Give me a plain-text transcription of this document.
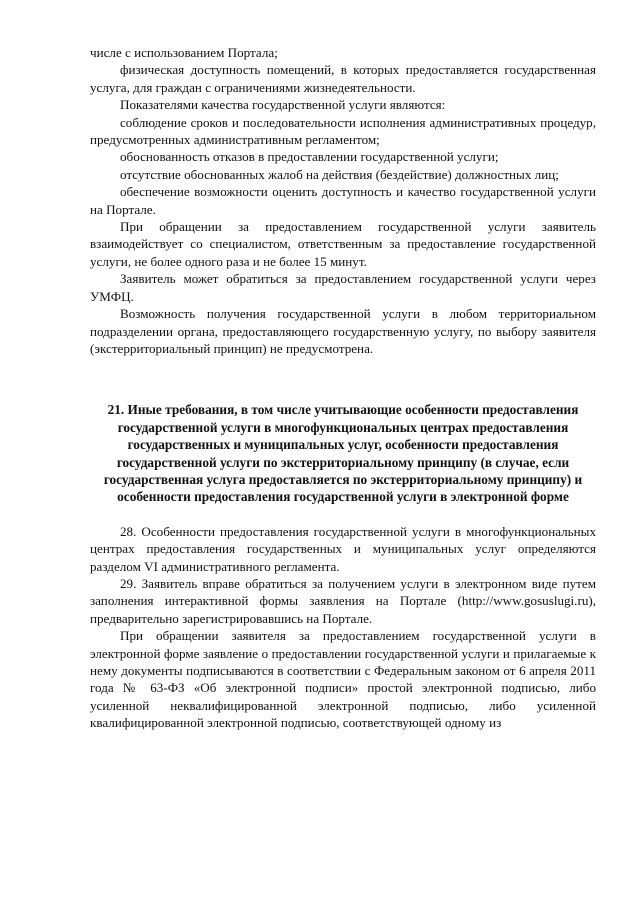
числе с использованием Портала;

физическая доступность помещений, в которых предоставляется государственная услуга, для граждан с ограничениями жизнедеятельности.

Показателями качества государственной услуги являются:

соблюдение сроков и последовательности исполнения административных процедур, предусмотренных административным регламентом;

обоснованность отказов в предоставлении государственной услуги;

отсутствие обоснованных жалоб на действия (бездействие) должностных лиц;

обеспечение возможности оценить доступность и качество государственной услуги на Портале.

При обращении за предоставлением государственной услуги заявитель взаимодействует со специалистом, ответственным за предоставление государственной услуги, не более одного раза и не более 15 минут.

Заявитель может обратиться за предоставлением государственной услуги через УМФЦ.

Возможность получения государственной услуги в любом территориальном подразделении органа, предоставляющего государственную услугу, по выбору заявителя (экстерриториальный принцип) не предусмотрена.

21. Иные требования, в том числе учитывающие особенности предоставления государственной услуги в многофункциональных центрах предоставления государственных и муниципальных услуг, особенности предоставления государственной услуги по экстерриториальному принципу (в случае, если государственная услуга предоставляется по экстерриториальному принципу) и особенности предоставления государственной услуги в электронной форме

28. Особенности предоставления государственной услуги в многофункциональных центрах предоставления государственных и муниципальных услуг определяются разделом VI административного регламента.

29. Заявитель вправе обратиться за получением услуги в электронном виде путем заполнения интерактивной формы заявления на Портале (http://www.gosuslugi.ru), предварительно зарегистрировавшись на Портале.

При обращении заявителя за предоставлением государственной услуги в электронной форме заявление о предоставлении государственной услуги и прилагаемые к нему документы подписываются в соответствии с Федеральным законом от 6 апреля 2011 года № 63-ФЗ «Об электронной подписи» простой электронной подписью, либо усиленной неквалифицированной электронной подписью, либо усиленной квалифицированной электронной подписью, соответствующей одному из
